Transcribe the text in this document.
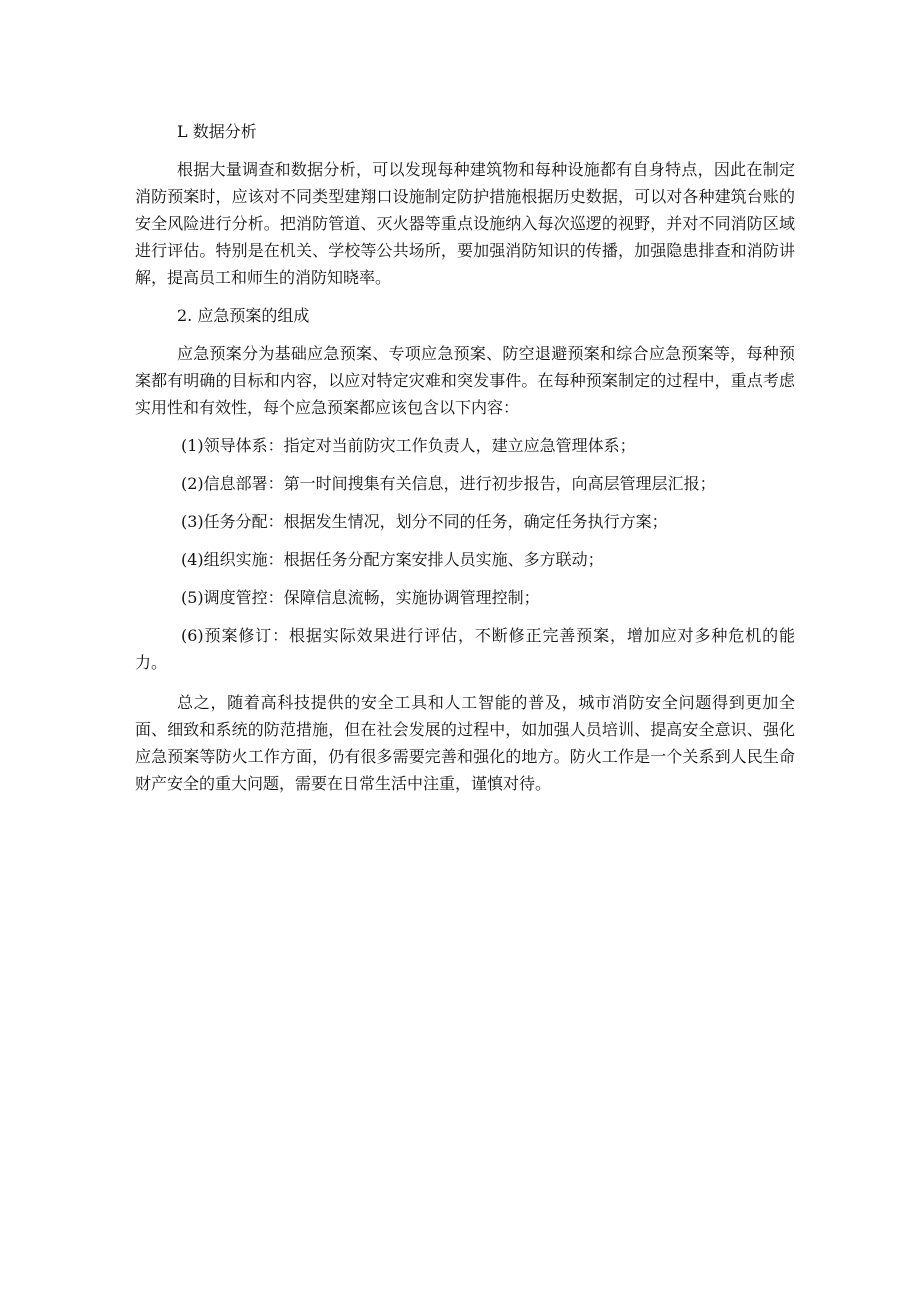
L 数据分析

根据大量调查和数据分析，可以发现每种建筑物和每种设施都有自身特点，因此在制定消防预案时，应该对不同类型建翔口设施制定防护措施根据历史数据，可以对各种建筑台账的安全风险进行分析。把消防管道、灭火器等重点设施纳入每次巡逻的视野，并对不同消防区域进行评估。特别是在机关、学校等公共场所，要加强消防知识的传播，加强隐患排查和消防讲解，提高员工和师生的消防知晓率。

2. 应急预案的组成

应急预案分为基础应急预案、专项应急预案、防空退避预案和综合应急预案等，每种预案都有明确的目标和内容，以应对特定灾难和突发事件。在每种预案制定的过程中，重点考虑实用性和有效性，每个应急预案都应该包含以下内容：

(1)领导体系：指定对当前防灾工作负责人，建立应急管理体系；

(2)信息部署：第一时间搜集有关信息，进行初步报告，向高层管理层汇报；

(3)任务分配：根据发生情况，划分不同的任务，确定任务执行方案；

(4)组织实施：根据任务分配方案安排人员实施、多方联动；

(5)调度管控：保障信息流畅，实施协调管理控制；

(6)预案修订：根据实际效果进行评估，不断修正完善预案，增加应对多种危机的能力。

总之，随着高科技提供的安全工具和人工智能的普及，城市消防安全问题得到更加全面、细致和系统的防范措施，但在社会发展的过程中，如加强人员培训、提高安全意识、强化应急预案等防火工作方面，仍有很多需要完善和强化的地方。防火工作是一个关系到人民生命财产安全的重大问题，需要在日常生活中注重，谨慎对待。
